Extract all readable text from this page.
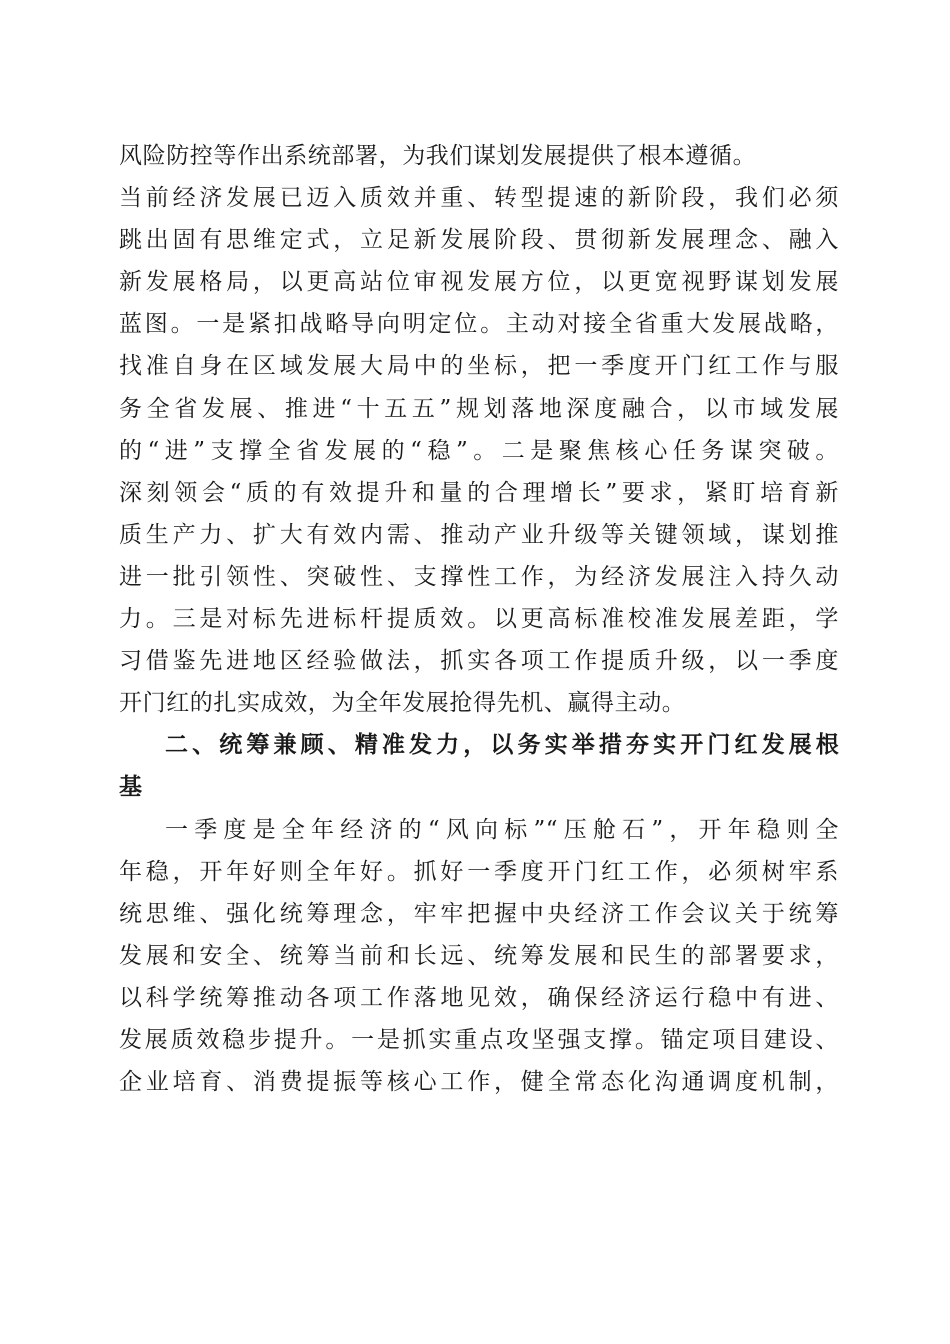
风险防控等作出系统部署，为我们谋划发展提供了根本遵循。
当前经济发展已迈入质效并重、转型提速的新阶段，我们必须
跳出固有思维定式，立足新发展阶段、贯彻新发展理念、融入
新发展格局，以更高站位审视发展方位，以更宽视野谋划发展
蓝图。一是紧扣战略导向明定位。主动对接全省重大发展战略，
找准自身在区域发展大局中的坐标，把一季度开门红工作与服
务全省发展、推进“十五五”规划落地深度融合，以市域发展
的“进”支撑全省发展的“稳”。二是聚焦核心任务谋突破。
深刻领会“质的有效提升和量的合理增长”要求，紧盯培育新
质生产力、扩大有效内需、推动产业升级等关键领域，谋划推
进一批引领性、突破性、支撑性工作，为经济发展注入持久动
力。三是对标先进标杆提质效。以更高标准校准发展差距，学
习借鉴先进地区经验做法，抓实各项工作提质升级，以一季度
开门红的扎实成效，为全年发展抢得先机、赢得主动。
二、统筹兼顾、精准发力，以务实举措夯实开门红发展根
基
一季度是全年经济的“风向标”“压舱石”，开年稳则全
年稳，开年好则全年好。抓好一季度开门红工作，必须树牢系
统思维、强化统筹理念，牢牢把握中央经济工作会议关于统筹
发展和安全、统筹当前和长远、统筹发展和民生的部署要求，
以科学统筹推动各项工作落地见效，确保经济运行稳中有进、
发展质效稳步提升。一是抓实重点攻坚强支撑。锚定项目建设、
企业培育、消费提振等核心工作，健全常态化沟通调度机制，
